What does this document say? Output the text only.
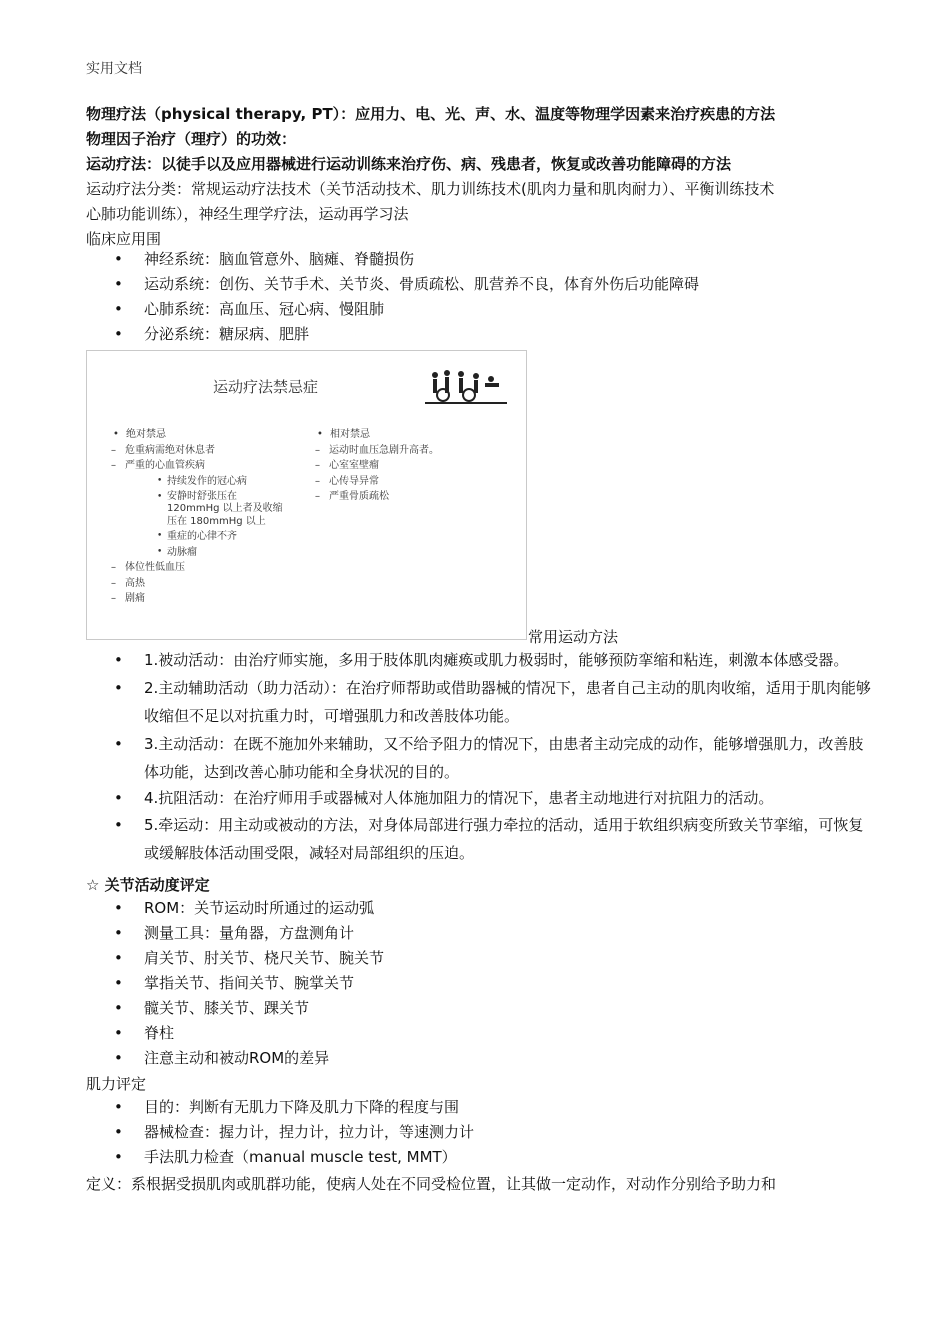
实用文档
物理疗法（physical therapy, PT）：应用力、电、光、声、水、温度等物理学因素来治疗疾患的方法
物理因子治疗（理疗）的功效：
运动疗法：以徒手以及应用器械进行运动训练来治疗伤、病、残患者，恢复或改善功能障碍的方法
运动疗法分类：常规运动疗法技术（关节活动技术、肌力训练技术(肌肉力量和肌肉耐力）、平衡训练技术
心肺功能训练），神经生理学疗法，运动再学习法
临床应用围
• 神经系统：脑血管意外、脑瘫、脊髓损伤
• 运动系统：创伤、关节手术、关节炎、骨质疏松、肌营养不良，体育外伤后功能障碍
• 心肺系统：高血压、冠心病、慢阻肺
• 分泌系统：糖尿病、肥胖
运动疗法禁忌症
• 绝对禁忌
– 危重病需绝对休息者
– 严重的心血管疾病
• 持续发作的冠心病
• 安静时舒张压在
120mmHg 以上者及收缩
压在 180mmHg 以上
• 重症的心律不齐
• 动脉瘤
– 体位性低血压
– 高热
– 剧痛
• 相对禁忌
– 运动时血压急剧升高者。
– 心室室壁瘤
– 心传导异常
– 严重骨质疏松
常用运动方法
• 1.被动活动：由治疗师实施，多用于肢体肌肉瘫痪或肌力极弱时，能够预防挛缩和粘连，刺激本体感受器。
• 2.主动辅助活动（助力活动）：在治疗师帮助或借助器械的情况下，患者自己主动的肌肉收缩，适用于肌肉能够收缩但不足以对抗重力时，可增强肌力和改善肢体功能。
• 3.主动活动：在既不施加外来辅助，又不给予阻力的情况下，由患者主动完成的动作，能够增强肌力，改善肢体功能，达到改善心肺功能和全身状况的目的。
• 4.抗阻活动：在治疗师用手或器械对人体施加阻力的情况下，患者主动地进行对抗阻力的活动。
• 5.牵运动：用主动或被动的方法，对身体局部进行强力牵拉的活动，适用于软组织病变所致关节挛缩，可恢复或缓解肢体活动围受限，减轻对局部组织的压迫。
☆ 关节活动度评定
• ROM：关节运动时所通过的运动弧
• 测量工具：量角器，方盘测角计
• 肩关节、肘关节、桡尺关节、腕关节
• 掌指关节、指间关节、腕掌关节
• 髋关节、膝关节、踝关节
• 脊柱
• 注意主动和被动ROM的差异
肌力评定
• 目的：判断有无肌力下降及肌力下降的程度与围
• 器械检查：握力计，捏力计，拉力计，等速测力计
• 手法肌力检查（manual muscle test, MMT）
定义：系根据受损肌肉或肌群功能，使病人处在不同受检位置，让其做一定动作，对动作分别给予助力和
